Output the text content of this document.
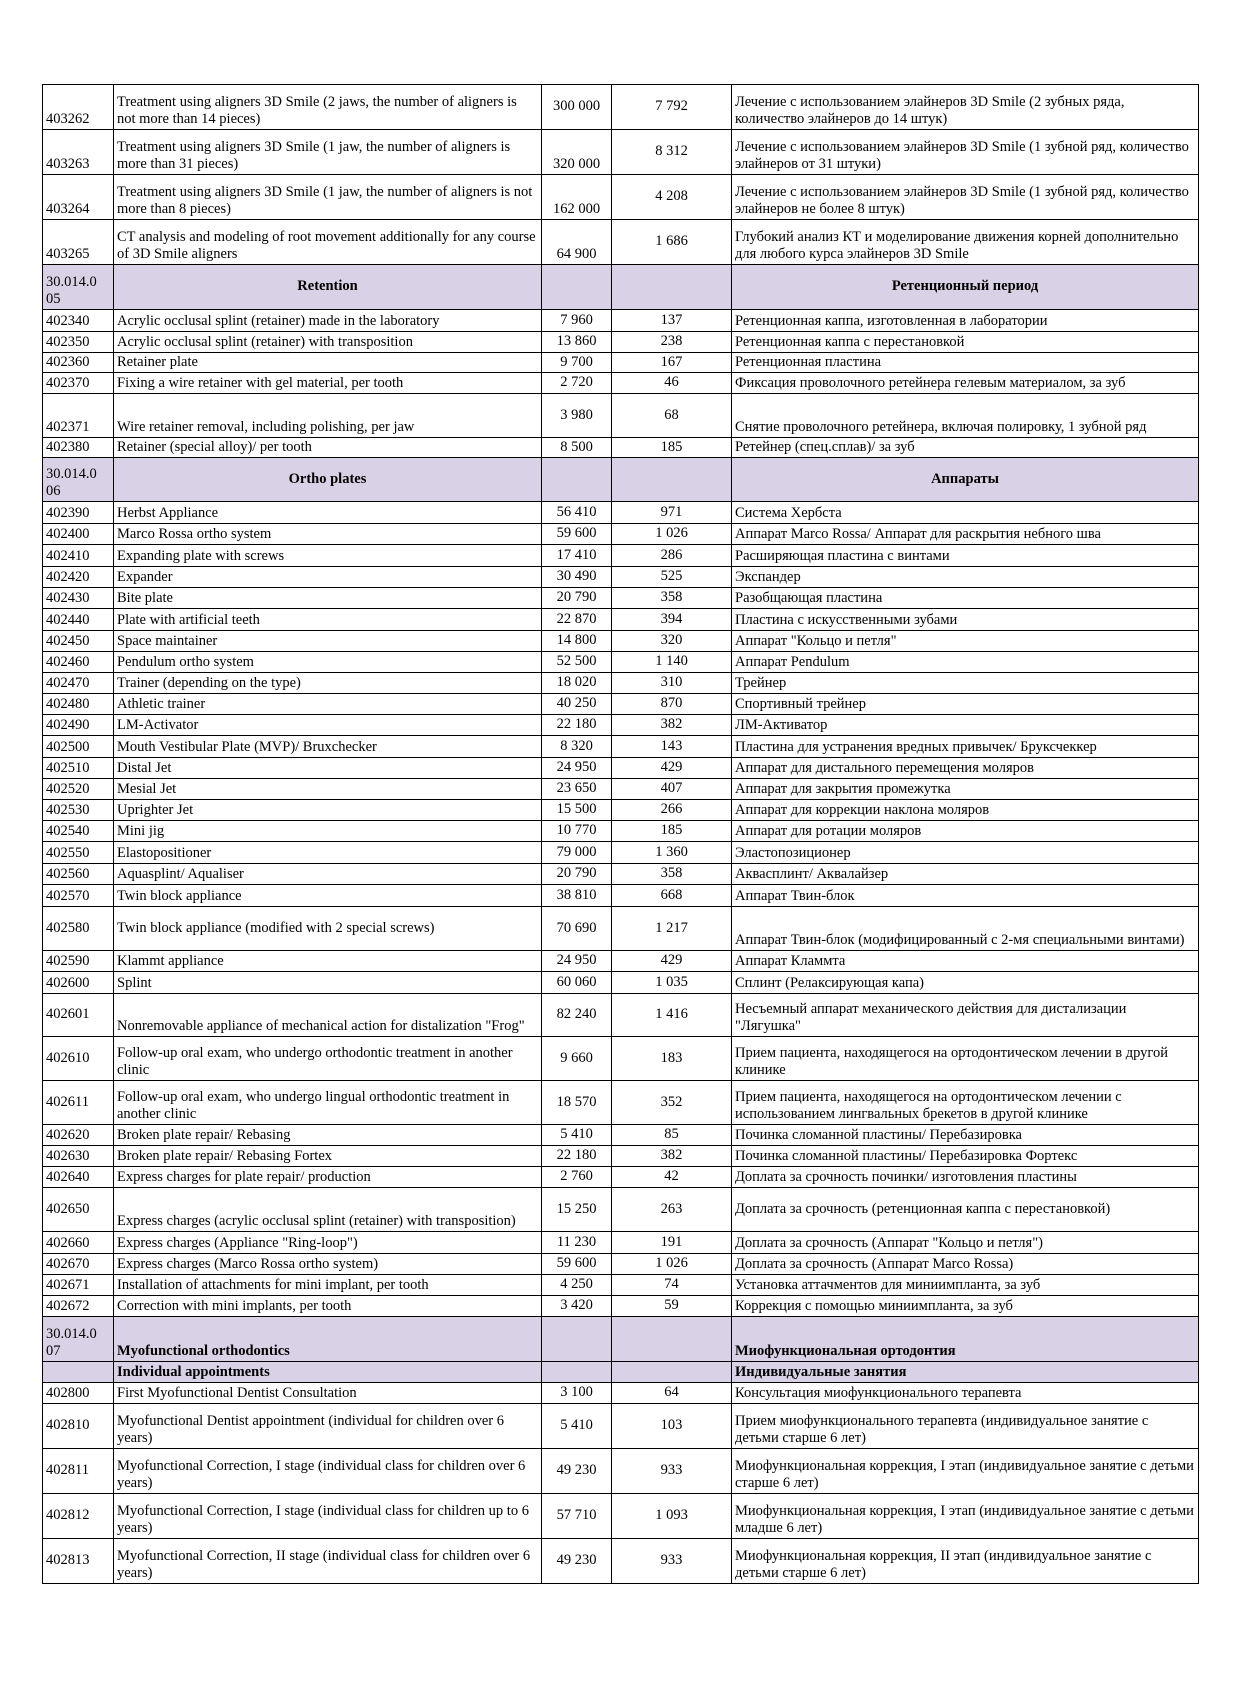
403262	Treatment using aligners 3D Smile (2 jaws, the number of aligners is not more than 14 pieces)	300 000	7 792	Лечение с использованием элайнеров 3D Smile (2 зубных ряда, количество элайнеров до 14 штук)
403263	Treatment using aligners 3D Smile (1 jaw, the number of aligners is more than 31 pieces)	320 000	8 312	Лечение с использованием элайнеров 3D Smile (1 зубной ряд, количество элайнеров от 31 штуки)
403264	Treatment using aligners 3D Smile (1 jaw, the number of aligners is not more than 8 pieces)	162 000	4 208	Лечение с использованием элайнеров 3D Smile (1 зубной ряд, количество элайнеров не более 8 штук)
403265	CT analysis and modeling of root movement additionally for any course of 3D Smile aligners	64 900	1 686	Глубокий анализ КТ и моделирование движения корней дополнительно для любого курса элайнеров 3D Smile
30.014.0 05	Retention			Ретенционный период
402340	Acrylic occlusal splint (retainer) made in the laboratory	7 960	137	Ретенционная каппа, изготовленная в лаборатории
402350	Acrylic occlusal splint (retainer) with transposition	13 860	238	Ретенционная каппа с перестановкой
402360	Retainer plate	9 700	167	Ретенционная пластина
402370	Fixing a wire retainer with gel material, per tooth	2 720	46	Фиксация проволочного ретейнера гелевым материалом, за зуб
402371	Wire retainer removal, including polishing, per jaw	3 980	68	Снятие проволочного ретейнера, включая полировку, 1 зубной ряд
402380	Retainer (special alloy)/ per tooth	8 500	185	Ретейнер (спец.сплав)/ за зуб
30.014.0 06	Ortho plates			Аппараты
402390	Herbst Appliance	56 410	971	Система Хербста
402400	Marco Rossa ortho system	59 600	1 026	Аппарат Marco Rossa/ Аппарат для раскрытия небного шва
402410	Expanding plate with screws	17 410	286	Расширяющая пластина с винтами
402420	Expander	30 490	525	Экспандер
402430	Bite plate	20 790	358	Разобщающая пластина
402440	Plate with artificial teeth	22 870	394	Пластина с искусственными зубами
402450	Space maintainer	14 800	320	Аппарат "Кольцо и петля"
402460	Pendulum ortho system	52 500	1 140	Аппарат Pendulum
402470	Trainer (depending on the type)	18 020	310	Трейнер
402480	Athletic trainer	40 250	870	Спортивный трейнер
402490	LM-Activator	22 180	382	ЛМ-Активатор
402500	Mouth Vestibular Plate (MVP)/ Bruxchecker	8 320	143	Пластина для устранения вредных привычек/ Бруксчеккер
402510	Distal Jet	24 950	429	Аппарат для дистального перемещения моляров
402520	Mesial Jet	23 650	407	Аппарат для закрытия промежутка
402530	Uprighter Jet	15 500	266	Аппарат для коррекции наклона моляров
402540	Mini jig	10 770	185	Аппарат для ротации моляров
402550	Elastopositioner	79 000	1 360	Эластопозиционер
402560	Aquasplint/ Aqualiser	20 790	358	Аквасплинт/ Аквалайзер
402570	Twin block appliance	38 810	668	Аппарат Твин-блок
402580	Twin block appliance (modified with 2 special screws)	70 690	1 217	Аппарат Твин-блок (модифицированный с 2-мя специальными винтами)
402590	Klammt appliance	24 950	429	Аппарат Кламмта
402600	Splint	60 060	1 035	Сплинт (Релаксирующая капа)
402601	Nonremovable appliance of mechanical action for distalization "Frog"	82 240	1 416	Несъемный аппарат механического действия для дистализации "Лягушка"
402610	Follow-up oral exam, who undergo orthodontic treatment in another clinic	9 660	183	Прием пациента, находящегося на ортодонтическом лечении в другой клинике
402611	Follow-up oral exam, who undergo lingual orthodontic treatment in another clinic	18 570	352	Прием пациента, находящегося на ортодонтическом лечении с использованием лингвальных брекетов в другой клинике
402620	Broken plate repair/ Rebasing	5 410	85	Починка сломанной пластины/ Перебазировка
402630	Broken plate repair/ Rebasing Fortex	22 180	382	Починка сломанной пластины/ Перебазировка Фортекс
402640	Express charges for plate repair/ production	2 760	42	Доплата за срочность починки/ изготовления пластины
402650	Express charges (acrylic occlusal splint (retainer) with transposition)	15 250	263	Доплата за срочность (ретенционная каппа с перестановкой)
402660	Express charges (Appliance "Ring-loop")	11 230	191	Доплата за срочность (Аппарат "Кольцо и петля")
402670	Express charges (Marco Rossa ortho system)	59 600	1 026	Доплата за срочность (Аппарат Marco Rossa)
402671	Installation of attachments for mini implant, per tooth	4 250	74	Установка аттачментов для миниимпланта, за зуб
402672	Correction with mini implants, per tooth	3 420	59	Коррекция с помощью миниимпланта, за зуб
30.014.0 07	Myofunctional orthodontics			Миофункциональная ортодонтия
	Individual appointments			Индивидуальные занятия
402800	First Myofunctional Dentist Consultation	3 100	64	Консультация миофункционального терапевта
402810	Myofunctional Dentist appointment (individual for children over 6 years)	5 410	103	Прием миофункционального терапевта (индивидуальное занятие с детьми старше 6 лет)
402811	Myofunctional Correction, I stage (individual class for children over 6 years)	49 230	933	Миофункциональная коррекция, I этап (индивидуальное занятие с детьми старше 6 лет)
402812	Myofunctional Correction, I stage (individual class for children up to 6 years)	57 710	1 093	Миофункциональная коррекция, I этап (индивидуальное занятие с детьми младше 6 лет)
402813	Myofunctional Correction, II stage (individual class for children over 6 years)	49 230	933	Миофункциональная коррекция, II этап (индивидуальное занятие с детьми старше 6 лет)
